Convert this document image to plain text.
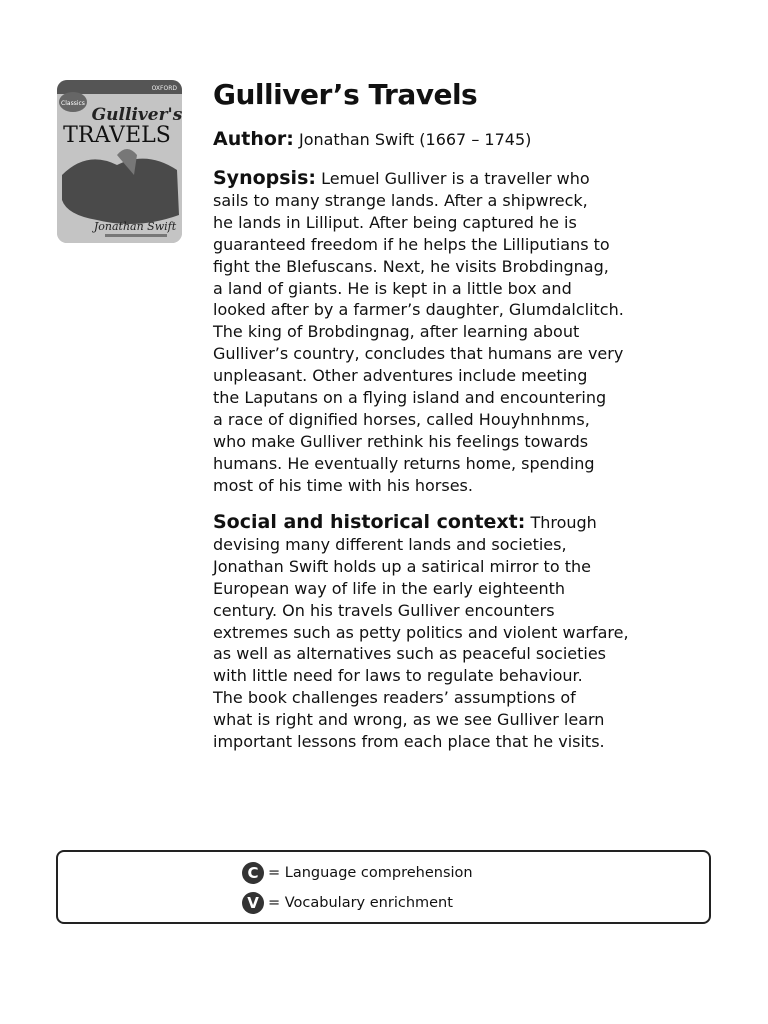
OXFORD
Classics
Gulliver's
TRAVELS
Jonathan Swift
Gulliver’s Travels
Author: Jonathan Swift (1667 – 1745)
Synopsis: Lemuel Gulliver is a traveller who
sails to many strange lands. After a shipwreck,
he lands in Lilliput. After being captured he is
guaranteed freedom if he helps the Lilliputians to
fight the Blefuscans. Next, he visits Brobdingnag,
a land of giants. He is kept in a little box and
looked after by a farmer’s daughter, Glumdalclitch.
The king of Brobdingnag, after learning about
Gulliver’s country, concludes that humans are very
unpleasant. Other adventures include meeting
the Laputans on a flying island and encountering
a race of dignified horses, called Houyhnhnms,
who make Gulliver rethink his feelings towards
humans. He eventually returns home, spending
most of his time with his horses.
Social and historical context: Through
devising many different lands and societies,
Jonathan Swift holds up a satirical mirror to the
European way of life in the early eighteenth
century. On his travels Gulliver encounters
extremes such as petty politics and violent warfare,
as well as alternatives such as peaceful societies
with little need for laws to regulate behaviour.
The book challenges readers’ assumptions of
what is right and wrong, as we see Gulliver learn
important lessons from each place that he visits.
C = Language comprehension
V = Vocabulary enrichment
